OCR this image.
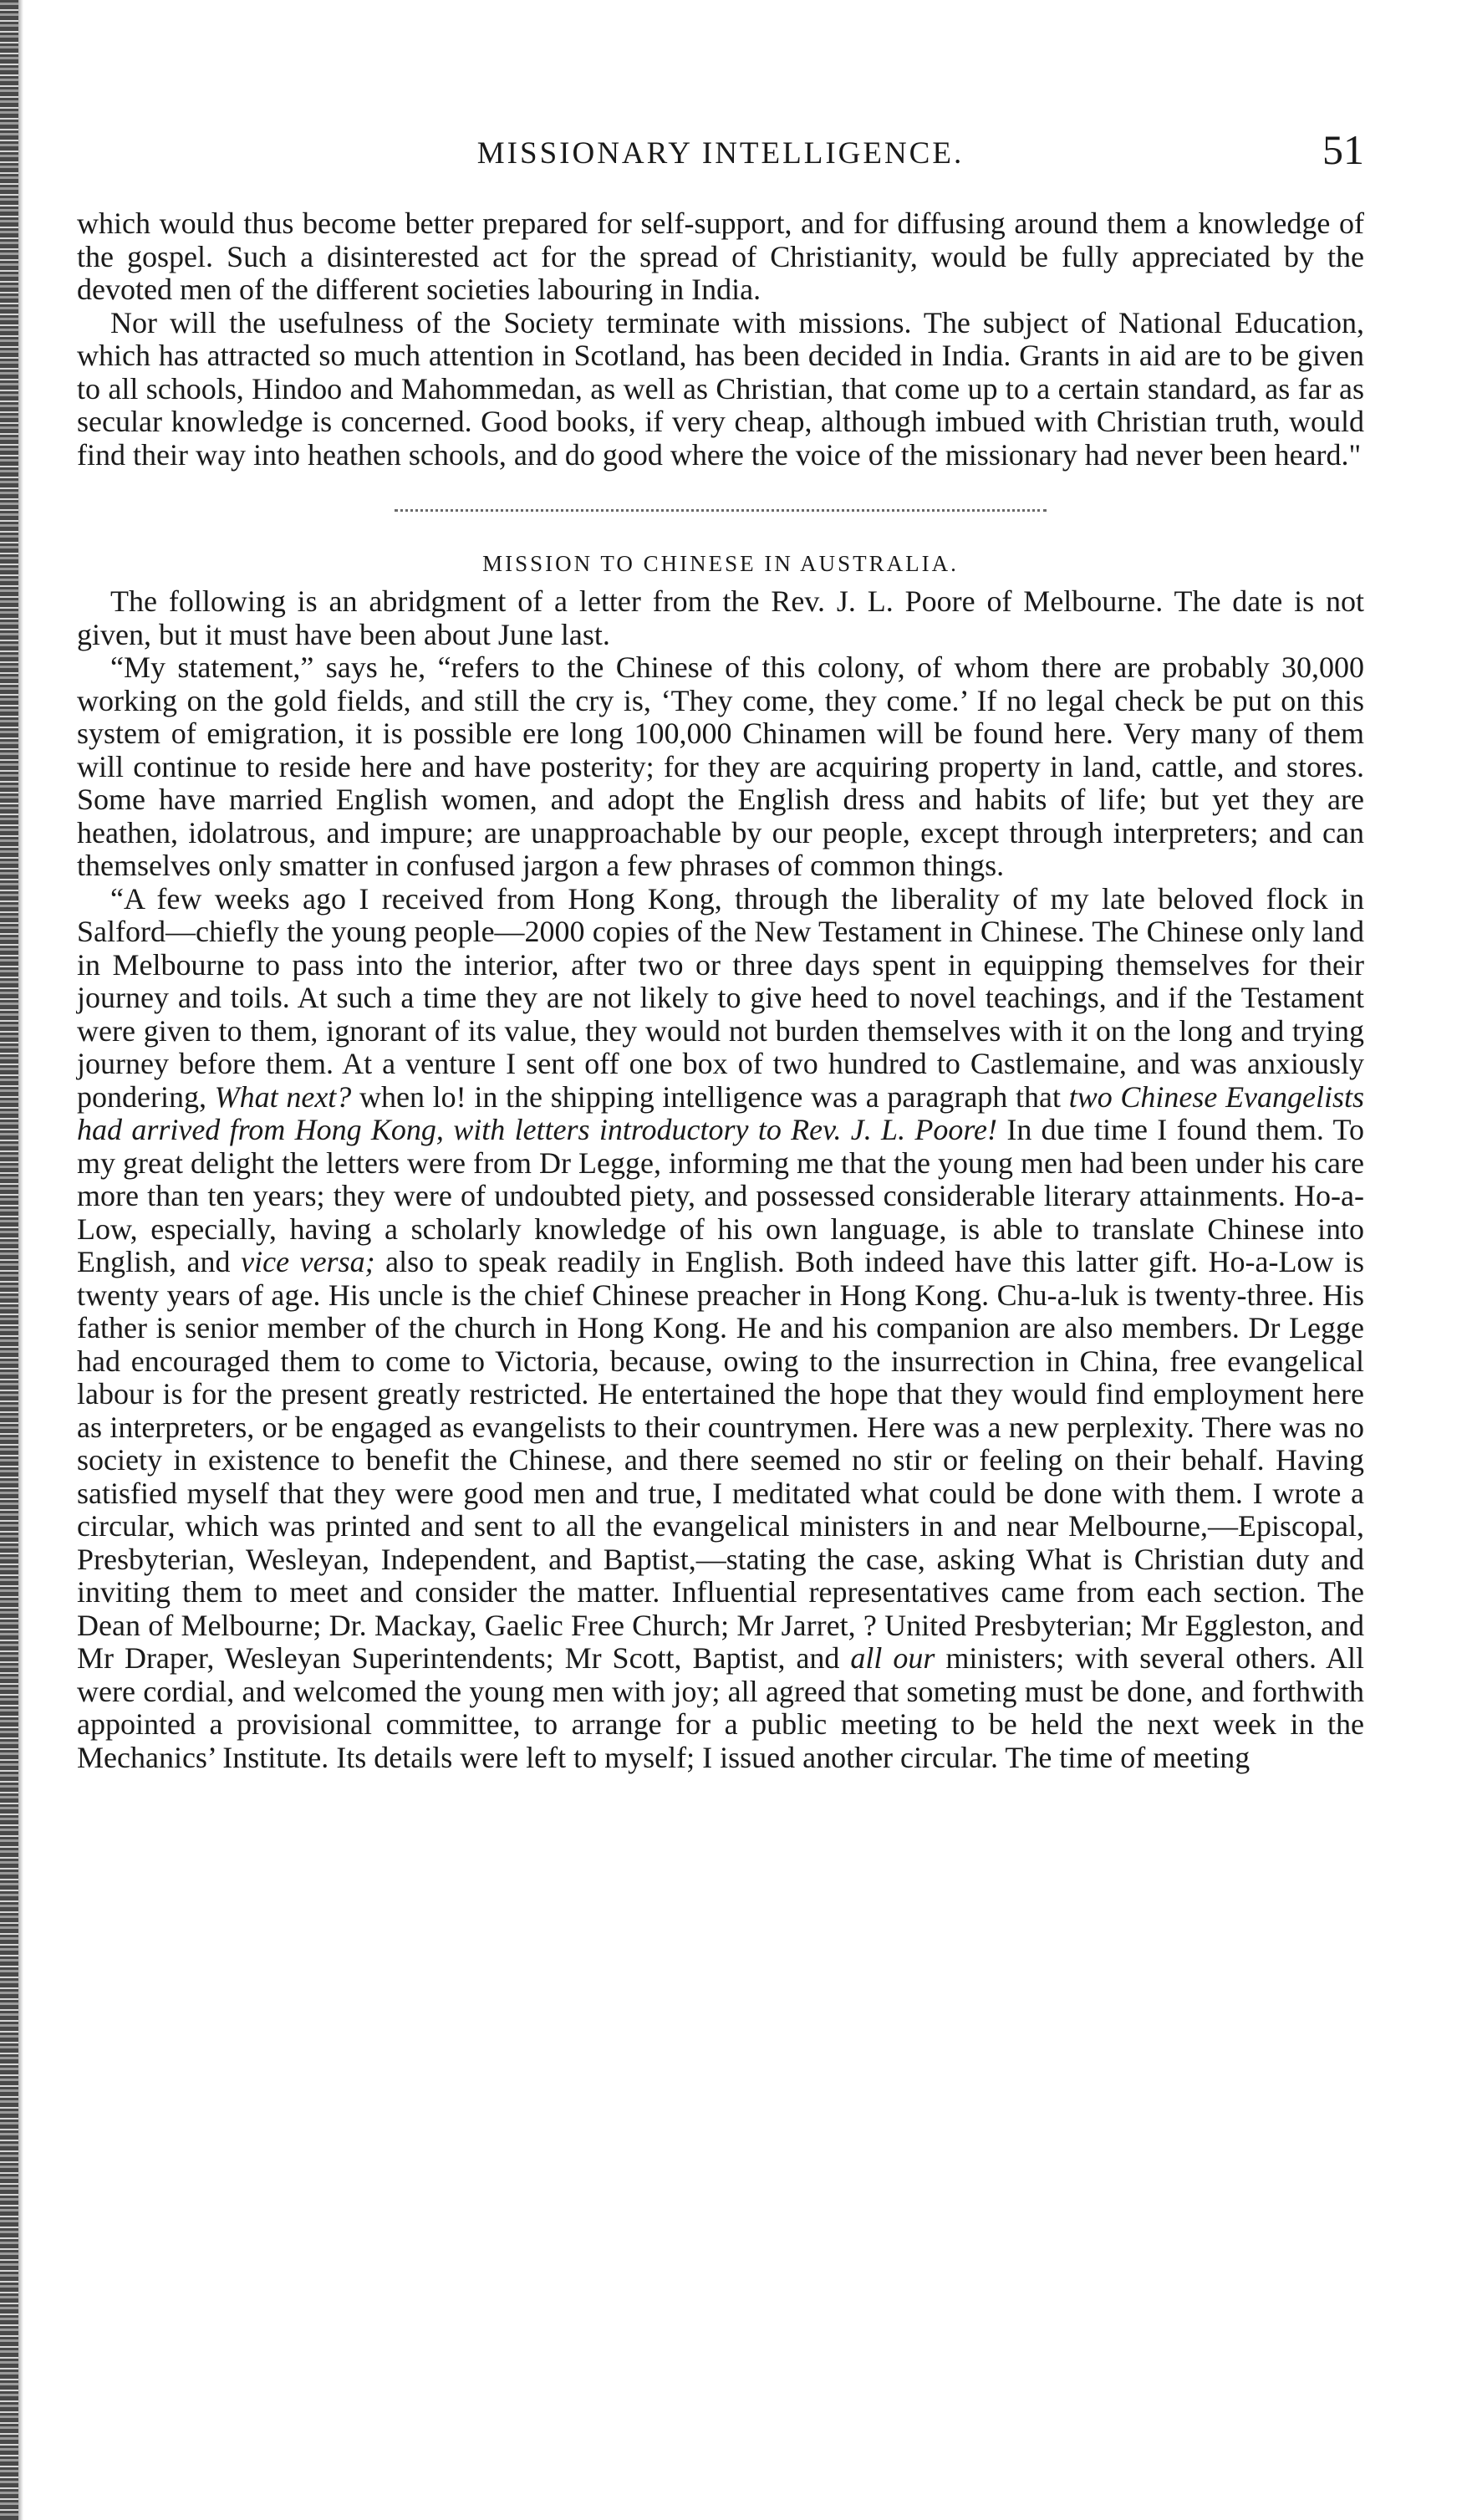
MISSIONARY INTELLIGENCE.	51

which would thus become better prepared for self-support, and for diffusing around them a knowledge of the gospel. Such a disinterested act for the spread of Christianity, would be fully appreciated by the devoted men of the different societies labouring in India.

Nor will the usefulness of the Society terminate with missions. The subject of National Education, which has attracted so much attention in Scotland, has been decided in India. Grants in aid are to be given to all schools, Hindoo and Mahommedan, as well as Christian, that come up to a certain standard, as far as secular knowledge is concerned. Good books, if very cheap, although imbued with Christian truth, would find their way into heathen schools, and do good where the voice of the missionary had never been heard."

MISSION TO CHINESE IN AUSTRALIA.

The following is an abridgment of a letter from the Rev. J. L. Poore of Melbourne. The date is not given, but it must have been about June last.

“My statement,” says he, “refers to the Chinese of this colony, of whom there are probably 30,000 working on the gold fields, and still the cry is, ‘They come, they come.’ If no legal check be put on this system of emigration, it is possible ere long 100,000 Chinamen will be found here. Very many of them will continue to reside here and have posterity; for they are acquiring property in land, cattle, and stores. Some have married English women, and adopt the English dress and habits of life; but yet they are heathen, idolatrous, and impure; are unapproachable by our people, except through interpreters; and can themselves only smatter in confused jargon a few phrases of common things.

“A few weeks ago I received from Hong Kong, through the liberality of my late beloved flock in Salford—chiefly the young people—2000 copies of the New Testament in Chinese. The Chinese only land in Melbourne to pass into the interior, after two or three days spent in equipping themselves for their journey and toils. At such a time they are not likely to give heed to novel teachings, and if the Testament were given to them, ignorant of its value, they would not burden themselves with it on the long and trying journey before them. At a venture I sent off one box of two hundred to Castlemaine, and was anxiously pondering, What next? when lo! in the shipping intelligence was a paragraph that two Chinese Evangelists had arrived from Hong Kong, with letters introductory to Rev. J. L. Poore! In due time I found them. To my great delight the letters were from Dr Legge, informing me that the young men had been under his care more than ten years; they were of undoubted piety, and possessed considerable literary attainments. Ho-a-Low, especially, having a scholarly knowledge of his own language, is able to translate Chinese into English, and vice versa; also to speak readily in English. Both indeed have this latter gift. Ho-a-Low is twenty years of age. His uncle is the chief Chinese preacher in Hong Kong. Chu-a-luk is twenty-three. His father is senior member of the church in Hong Kong. He and his companion are also members. Dr Legge had encouraged them to come to Victoria, because, owing to the insurrection in China, free evangelical labour is for the present greatly restricted. He entertained the hope that they would find employment here as interpreters, or be engaged as evangelists to their countrymen. Here was a new perplexity. There was no society in existence to benefit the Chinese, and there seemed no stir or feeling on their behalf. Having satisfied myself that they were good men and true, I meditated what could be done with them. I wrote a circular, which was printed and sent to all the evangelical ministers in and near Melbourne,—Episcopal, Presbyterian, Wesleyan, Independent, and Baptist,—stating the case, asking What is Christian duty and inviting them to meet and consider the matter. Influential representatives came from each section. The Dean of Melbourne; Dr. Mackay, Gaelic Free Church; Mr Jarret, ? United Presbyterian; Mr Eggleston, and Mr Draper, Wesleyan Superintendents; Mr Scott, Baptist, and all our ministers; with several others. All were cordial, and welcomed the young men with joy; all agreed that someting must be done, and forthwith appointed a provisional committee, to arrange for a public meeting to be held the next week in the Mechanics’ Institute. Its details were left to myself; I issued another circular. The time of meeting
